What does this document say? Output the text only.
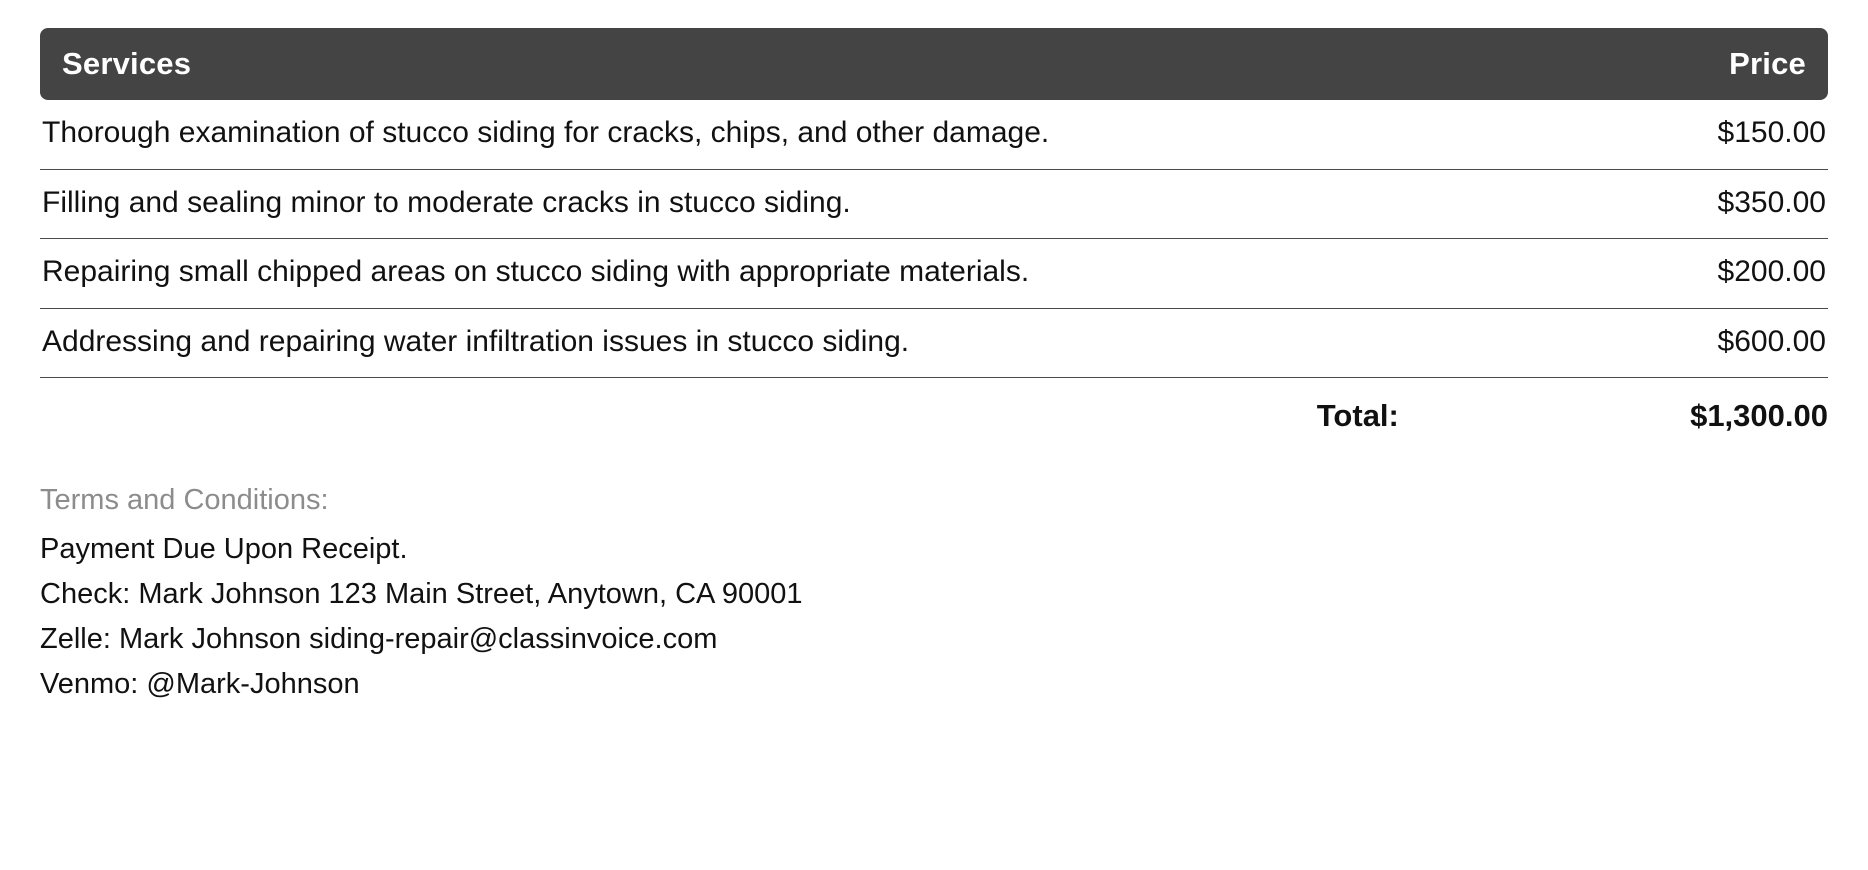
Services	Price
Thorough examination of stucco siding for cracks, chips, and other damage.	$150.00
Filling and sealing minor to moderate cracks in stucco siding.	$350.00
Repairing small chipped areas on stucco siding with appropriate materials.	$200.00
Addressing and repairing water infiltration issues in stucco siding.	$600.00
Total:	$1,300.00
Terms and Conditions:
Payment Due Upon Receipt.
Check: Mark Johnson 123 Main Street, Anytown, CA 90001
Zelle: Mark Johnson siding-repair@classinvoice.com
Venmo: @Mark-Johnson
